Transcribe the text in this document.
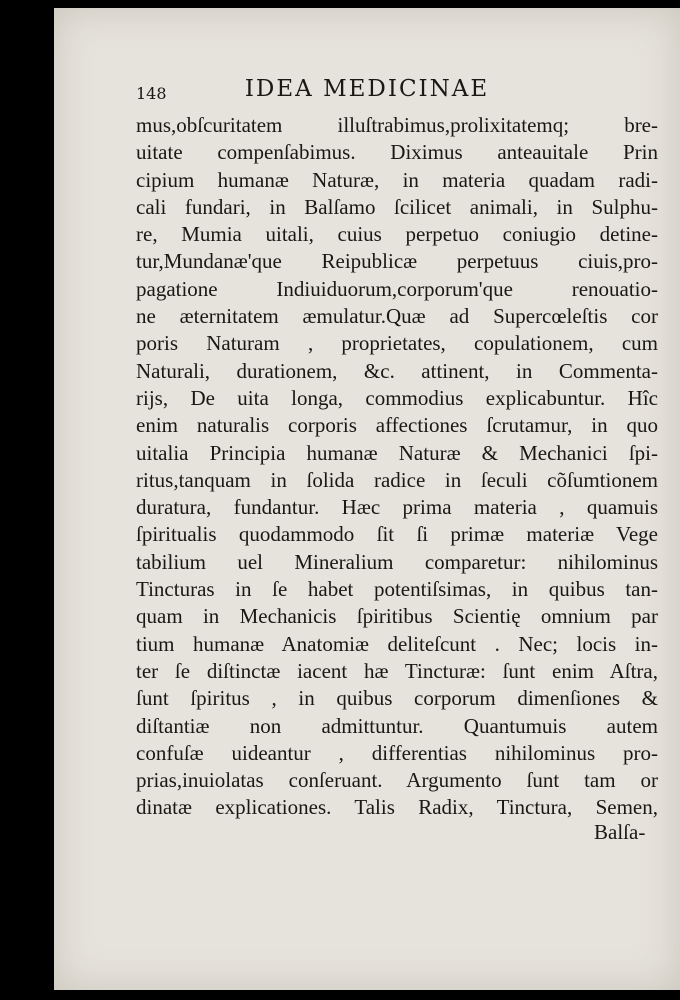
148	IDEA MEDICINAE
mus,obſcuritatem illuſtrabimus,prolixitatemq; bre-
uitate compenſabimus. Diximus anteauitale Prin
cipium humanæ Naturæ, in materia quadam radi-
cali fundari, in Balſamo ſcilicet animali, in Sulphu-
re, Mumia uitali, cuius perpetuo coniugio detine-
tur,Mundanæ'que Reipublicæ perpetuus ciuis,pro-
pagatione Indiuiduorum,corporum'que renouatio-
ne æternitatem æmulatur.Quæ ad Supercœleſtis cor
poris Naturam , proprietates, copulationem, cum
Naturali, durationem, &c. attinent, in Commenta-
rijs, De uita longa, commodius explicabuntur. Hîc
enim naturalis corporis affectiones ſcrutamur, in quo
uitalia Principia humanæ Naturæ & Mechanici ſpi-
ritus,tanquam in ſolida radice in ſeculi cõſumtionem
duratura, fundantur. Hæc prima materia , quamuis
ſpiritualis quodammodo ſit ſi primæ materiæ Vege
tabilium uel Mineralium comparetur: nihilominus
Tincturas in ſe habet potentiſsimas, in quibus tan-
quam in Mechanicis ſpiritibus Scientię omnium par
tium humanæ Anatomiæ deliteſcunt . Nec; locis in-
ter ſe diſtinctæ iacent hæ Tincturæ: ſunt enim Aſtra,
ſunt ſpiritus , in quibus corporum dimenſiones &
diſtantiæ non admittuntur. Quantumuis autem
confuſæ uideantur , differentias nihilominus pro-
prias,inuiolatas conſeruant. Argumento ſunt tam or
dinatæ explicationes. Talis Radix, Tinctura, Semen,
Balſa-
